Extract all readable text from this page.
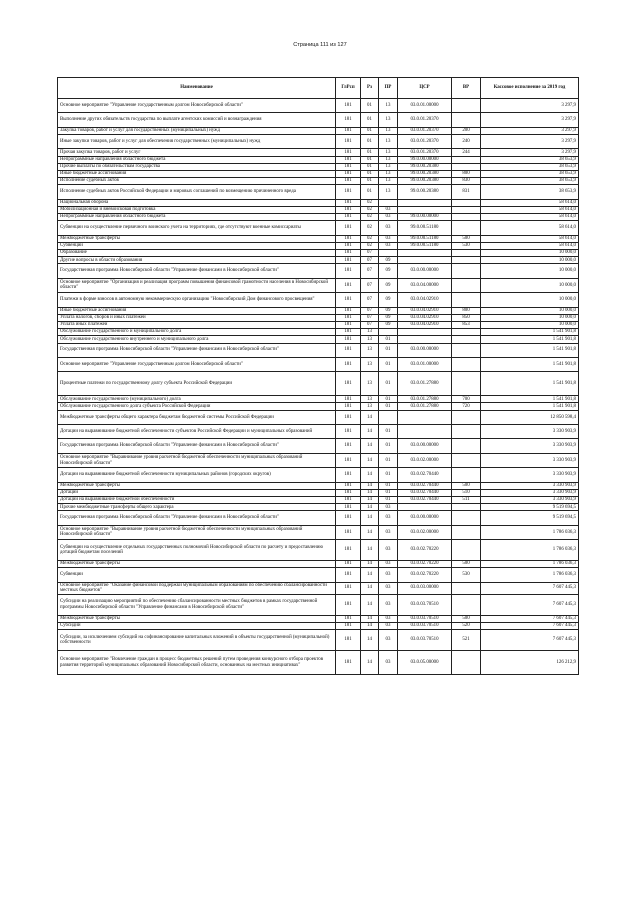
Страница 111 из 127
Наименование	ГлРсп	Рз	ПР	ЦСР	ВР	Кассовое исполнение за 2019 год
Основное мероприятие "Управление государственным долгом Новосибирской области"	181	01	13	03.0.01.00000		3 297,9
Выполнение других обязательств государства по выплате агентских комиссий и вознаграждения	181	01	13	03.0.01.20370		3 297,9
Закупка товаров, работ и услуг для государственных (муниципальных) нужд	181	01	13	03.0.01.20370	200	3 297,9
Иные закупки товаров, работ и услуг для обеспечения государственных (муниципальных) нужд	181	01	13	03.0.01.20370	240	3 297,9
Прочая закупка товаров, работ и услуг	181	01	13	03.0.01.20370	244	3 297,9
Непрограммные направления областного бюджета	181	01	13	99.0.00.00000		38 653,9
Прочие выплаты по обязательствам государства	181	01	13	99.0.00.20380		38 653,9
Иные бюджетные ассигнования	181	01	13	99.0.00.20380	800	38 653,9
Исполнение судебных актов	181	01	13	99.0.00.20380	830	38 653,9
Исполнение судебных актов Российской Федерации и мировых соглашений по возмещению причиненного вреда	181	01	13	99.0.00.20380	831	38 653,9
Национальная оборона	181	02				58 614,0
Мобилизационная и вневойсковая подготовка	181	02	03			58 614,0
Непрограммные направления областного бюджета	181	02	03	99.0.00.00000		58 614,0
Субвенции на осуществление первичного воинского учета на территориях, где отсутствуют военные комиссариаты	181	02	03	99.0.00.51180		58 614,0
Межбюджетные трансферты	181	02	03	99.0.00.51180	500	58 614,0
Субвенции	181	02	03	99.0.00.51180	530	58 614,0
Образование	181	07				10 000,0
Другие вопросы в области образования	181	07	09			10 000,0
Государственная программа Новосибирской области "Управление финансами в Новосибирской области"	181	07	09	03.0.00.00000		10 000,0
Основное мероприятие "Организация и реализация программ повышения финансовой грамотности населения в Новосибирской области"	181	07	09	03.0.04.00000		10 000,0
Платежи в форме взносов в автономную некоммерческую организацию "Новосибирский Дом финансового просвещения"	181	07	09	03.0.04.02910		10 000,0
Иные бюджетные ассигнования	181	07	09	03.0.04.02910	800	10 000,0
Уплата налогов, сборов и иных платежей	181	07	09	03.0.04.02910	850	10 000,0
Уплата иных платежей	181	07	09	03.0.04.02910	853	10 000,0
Обслуживание государственного и муниципального долга	181	13				1 541 901,8
Обслуживание государственного внутреннего и муниципального долга	181	13	01			1 541 901,8
Государственная программа Новосибирской области "Управление финансами в Новосибирской области"	181	13	01	03.0.00.00000		1 541 901,8
Основное мероприятие "Управление государственным долгом Новосибирской области"	181	13	01	03.0.01.00000		1 541 901,8
Процентные платежи по государственному долгу субъекта Российской Федерации	181	13	01	03.0.01.27880		1 541 901,8
Обслуживание государственного (муниципального) долга	181	13	01	03.0.01.27880	700	1 541 901,8
Обслуживание государственного долга субъекта Российской Федерации	181	13	01	03.0.01.27880	720	1 541 901,8
Межбюджетные трансферты общего характера бюджетам бюджетной системы Российской Федерации	181	14				12 850 598,4
Дотации на выравнивание бюджетной обеспеченности субъектов Российской Федерации и муниципальных образований	181	14	01			3 330 903,9
Государственная программа Новосибирской области "Управление финансами в Новосибирской области"	181	14	01	03.0.00.00000		3 330 903,9
Основное мероприятие "Выравнивание уровня расчетной бюджетной обеспеченности муниципальных образований Новосибирской области"	181	14	01	03.0.02.00000		3 330 903,9
Дотации на выравнивание бюджетной обеспеченности муниципальных районов (городских округов)	181	14	01	03.0.02.70440		3 330 903,9
Межбюджетные трансферты	181	14	01	03.0.02.70440	500	3 330 903,9
Дотации	181	14	01	03.0.02.70440	510	3 330 903,9
Дотации на выравнивание бюджетной обеспеченности	181	14	01	03.0.02.70440	511	3 330 903,9
Прочие межбюджетные трансферты общего характера	181	14	03			9 519 694,5
Государственная программа Новосибирской области "Управление финансами в Новосибирской области"	181	14	03	03.0.00.00000		9 519 694,5
Основное мероприятие "Выравнивание уровня расчетной бюджетной обеспеченности муниципальных образований Новосибирской области"	181	14	03	03.0.02.00000		1 786 036,3
Субвенции на осуществление отдельных государственных полномочий Новосибирской области по расчету и предоставлению дотаций бюджетам поселений	181	14	03	03.0.02.70220		1 786 036,3
Межбюджетные трансферты	181	14	03	03.0.02.70220	500	1 786 036,3
Субвенции	181	14	03	03.0.02.70220	530	1 786 036,3
Основное мероприятие "Оказание финансовой поддержки муниципальным образованиям по обеспечению сбалансированности местных бюджетов"	181	14	03	03.0.03.00000		7 607 445,3
Субсидии на реализацию мероприятий по обеспечению сбалансированности местных бюджетов в рамках государственной программы Новосибирской области "Управление финансами в Новосибирской области"	181	14	03	03.0.03.70510		7 607 445,3
Межбюджетные трансферты	181	14	03	03.0.03.70510	500	7 607 445,3
Субсидии	181	14	03	03.0.03.70510	520	7 607 445,3
Субсидии, за исключением субсидий на софинансирование капитальных вложений в объекты государственной (муниципальной) собственности	181	14	03	03.0.03.70510	521	7 607 445,3
Основное мероприятие "Вовлечение граждан в процесс бюджетных решений путем проведения конкурсного отбора проектов развития территорий муниципальных образований Новосибирской области, основанных на местных инициативах"	181	14	03	03.0.05.00000		126 212,9
